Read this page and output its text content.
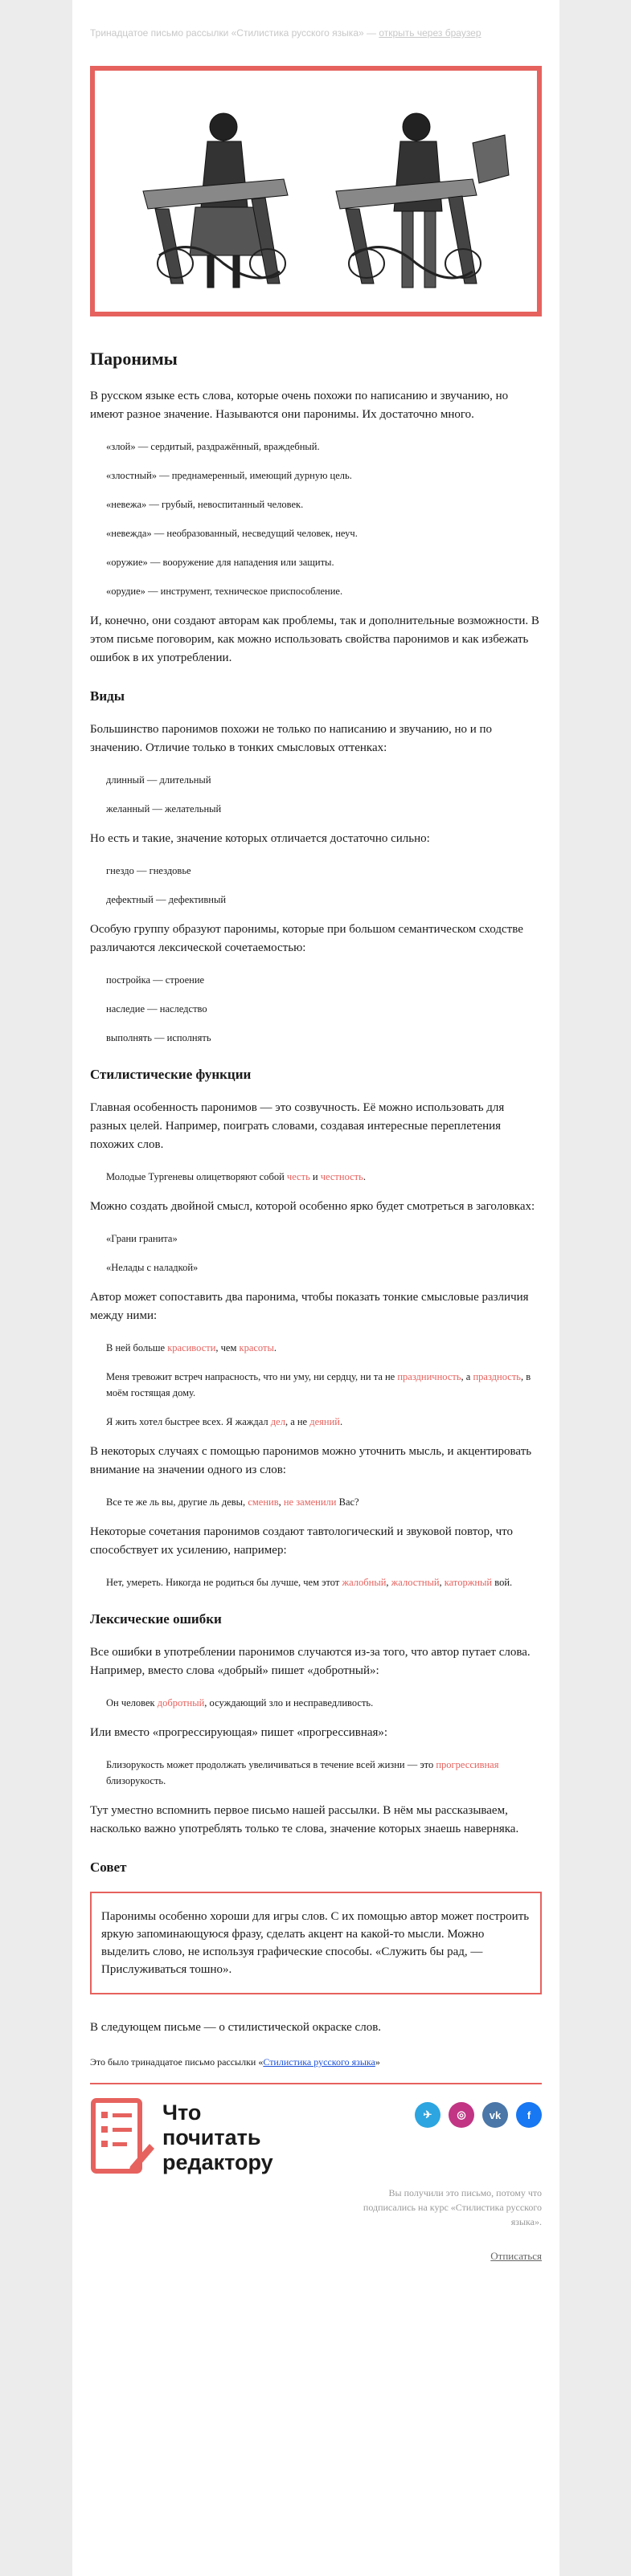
Тринадцатое письмо рассылки «Стилистика русского языка» — открыть через браузер
Паронимы

В русском языке есть слова, которые очень похожи по написанию и звучанию, но имеют разное значение. Называются они паронимы. Их достаточно много.

«злой» — сердитый, раздражённый, враждебный.
«злостный» — преднамеренный, имеющий дурную цель.
«невежа» — грубый, невоспитанный человек.
«невежда» — необразованный, несведущий человек, неуч.
«оружие» — вооружение для нападения или защиты.
«орудие» — инструмент, техническое приспособление.

И, конечно, они создают авторам как проблемы, так и дополнительные возможности. В этом письме поговорим, как можно использовать свойства паронимов и как избежать ошибок в их употреблении.

Виды

Большинство паронимов похожи не только по написанию и звучанию, но и по значению. Отличие только в тонких смысловых оттенках:

длинный — длительный
желанный — желательный

Но есть и такие, значение которых отличается достаточно сильно:

гнездо — гнездовье
дефектный — дефективный

Особую группу образуют паронимы, которые при большом семантическом сходстве различаются лексической сочетаемостью:

постройка — строение
наследие — наследство
выполнять — исполнять
Стилистические функции

Главная особенность паронимов — это созвучность. Её можно использовать для разных целей. Например, поиграть словами, создавая интересные переплетения похожих слов.

Молодые Тургеневы олицетворяют собой честь и честность.

Можно создать двойной смысл, которой особенно ярко будет смотреться в заголовках:

«Грани гранита»
«Нелады с наладкой»

Автор может сопоставить два паронима, чтобы показать тонкие смысловые различия между ними:

В ней больше красивости, чем красоты.
Меня тревожит встреч напрасность, что ни уму, ни сердцу, ни та не праздничность, а праздность, в моём гостящая дому.
Я жить хотел быстрее всех. Я жаждал дел, а не деяний.

В некоторых случаях с помощью паронимов можно уточнить мысль, и акцентировать внимание на значении одного из слов:

Все те же ль вы, другие ль девы, сменив, не заменили Вас?

Некоторые сочетания паронимов создают тавтологический и звуковой повтор, что способствует их усилению, например:

Нет, умереть. Никогда не родиться бы лучше, чем этот жалобный, жалостный, каторжный вой.
Лексические ошибки

Все ошибки в употреблении паронимов случаются из-за того, что автор путает слова. Например, вместо слова «добрый» пишет «добротный»:

Он человек добротный, осуждающий зло и несправедливость.

Или вместо «прогрессирующая» пишет «прогрессивная»:

Близорукость может продолжать увеличиваться в течение всей жизни — это прогрессивная близорукость.

Тут уместно вспомнить первое письмо нашей рассылки. В нём мы рассказываем, насколько важно употреблять только те слова, значение которых знаешь наверняка.

Совет
Паронимы особенно хороши для игры слов. С их помощью автор может построить яркую запоминающуюся фразу, сделать акцент на какой-то мысли. Можно выделить слово, не используя графические способы. «Служить бы рад, — Прислуживаться тошно».

В следующем письме — о стилистической окраске слов.

Это было тринадцатое письмо рассылки «Стилистика русского языка»

Что
почитать
редактору
✈	◎	vk	f
Вы получили это письмо, потому что подписались на курс «Стилистика русского языка».
Отписаться
